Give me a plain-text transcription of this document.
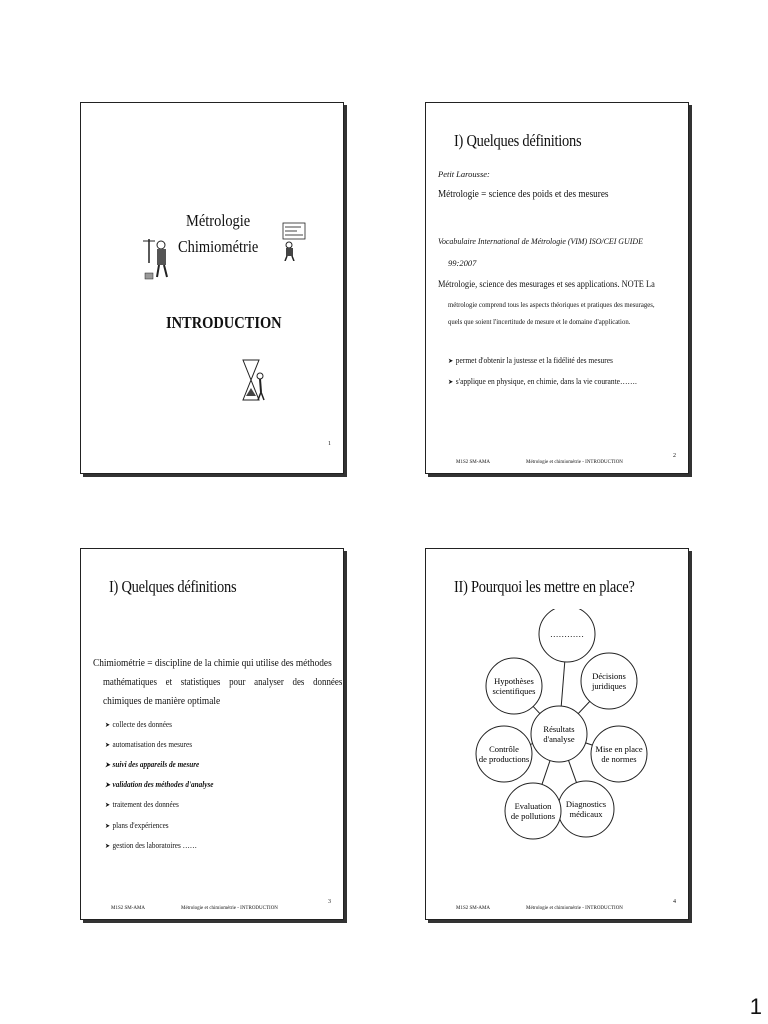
Métrologie
Chimiométrie
INTRODUCTION
1
I) Quelques définitions
Petit Larousse:
Métrologie = science des poids et des mesures
Vocabulaire International de Métrologie (VIM) ISO/CEI GUIDE
99:2007
Métrologie, science des mesurages et ses applications. NOTE La
métrologie comprend tous les aspects théoriques et pratiques des mesurages,
quels que soient l'incertitude de mesure et le domaine d'application.
➤ permet d'obtenir la justesse et la fidélité des mesures
➤ s'applique en physique, en chimie, dans la vie courante…….
M1S2 SM-AMA	Métrologie et chimiométrie - INTRODUCTION
2
I) Quelques définitions
Chimiométrie = discipline de la chimie qui utilise des méthodes
mathématiques et statistiques pour analyser des données
chimiques de manière optimale
➤ collecte des données
➤ automatisation des mesures
➤ suivi des appareils de mesure
➤ validation des méthodes d'analyse
➤ traitement des données
➤ plans d'expériences
➤ gestion des laboratoires ……
M1S2 SM-AMA	Métrologie et chimiométrie - INTRODUCTION
3
II) Pourquoi les mettre en place?
Résultats
d'analyse
…………
Décisions
juridiques
Mise en place
de normes
Diagnostics
médicaux
Evaluation
de pollutions
Contrôle
de productions
Hypothèses
scientifiques
M1S2 SM-AMA	Métrologie et chimiométrie - INTRODUCTION
4
1
